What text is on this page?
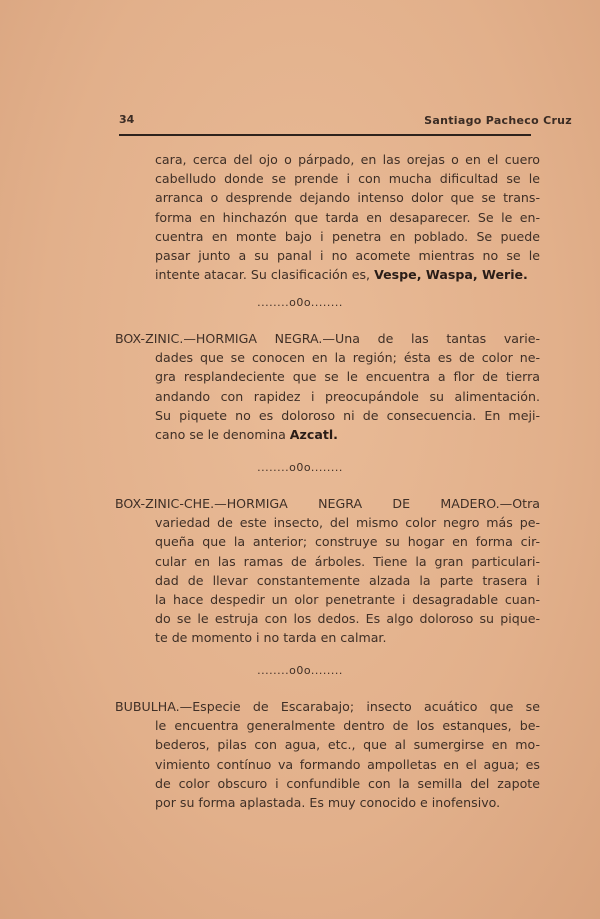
34	Santiago Pacheco Cruz
cara, cerca del ojo o párpado, en las orejas o en el cuero
cabelludo donde se prende i con mucha dificultad se le
arranca o desprende dejando intenso dolor que se trans-
forma en hinchazón que tarda en desaparecer. Se le en-
cuentra en monte bajo i penetra en poblado. Se puede
pasar junto a su panal i no acomete mientras no se le
intente atacar. Su clasificación es, Vespe, Waspa, Werie.
........o0o........
BOX-ZINIC.—HORMIGA NEGRA.—Una de las tantas varie-
dades que se conocen en la región; ésta es de color ne-
gra resplandeciente que se le encuentra a flor de tierra
andando con rapidez i preocupándole su alimentación.
Su piquete no es doloroso ni de consecuencia. En meji-
cano se le denomina Azcatl.
........o0o........
BOX-ZINIC-CHE.—HORMIGA NEGRA DE MADERO.—Otra
variedad de este insecto, del mismo color negro más pe-
queña que la anterior; construye su hogar en forma cir-
cular en las ramas de árboles. Tiene la gran particulari-
dad de llevar constantemente alzada la parte trasera i
la hace despedir un olor penetrante i desagradable cuan-
do se le estruja con los dedos. Es algo doloroso su pique-
te de momento i no tarda en calmar.
........o0o........
BUBULHA.—Especie de Escarabajo; insecto acuático que se
le encuentra generalmente dentro de los estanques, be-
bederos, pilas con agua, etc., que al sumergirse en mo-
vimiento contínuo va formando ampolletas en el agua; es
de color obscuro i confundible con la semilla del zapote
por su forma aplastada. Es muy conocido e inofensivo.
